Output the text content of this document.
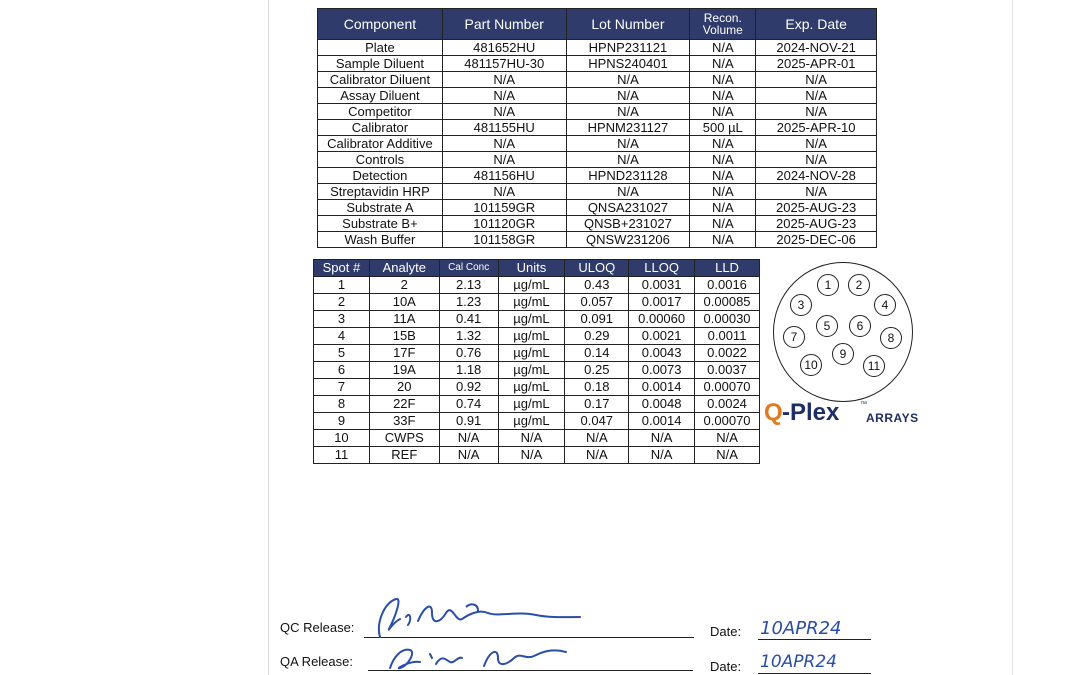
Component	Part Number	Lot Number	Recon. Volume	Exp. Date
Plate	481652HU	HPNP231121	N/A	2024-NOV-21
Sample Diluent	481157HU-30	HPNS240401	N/A	2025-APR-01
Calibrator Diluent	N/A	N/A	N/A	N/A
Assay Diluent	N/A	N/A	N/A	N/A
Competitor	N/A	N/A	N/A	N/A
Calibrator	481155HU	HPNM231127	500 µL	2025-APR-10
Calibrator Additive	N/A	N/A	N/A	N/A
Controls	N/A	N/A	N/A	N/A
Detection	481156HU	HPND231128	N/A	2024-NOV-28
Streptavidin HRP	N/A	N/A	N/A	N/A
Substrate A	101159GR	QNSA231027	N/A	2025-AUG-23
Substrate B+	101120GR	QNSB+231027	N/A	2025-AUG-23
Wash Buffer	101158GR	QNSW231206	N/A	2025-DEC-06
Spot #	Analyte	Cal Conc	Units	ULOQ	LLOQ	LLD
1	2	2.13	µg/mL	0.43	0.0031	0.0016
2	10A	1.23	µg/mL	0.057	0.0017	0.00085
3	11A	0.41	µg/mL	0.091	0.00060	0.00030
4	15B	1.32	µg/mL	0.29	0.0021	0.0011
5	17F	0.76	µg/mL	0.14	0.0043	0.0022
6	19A	1.18	µg/mL	0.25	0.0073	0.0037
7	20	0.92	µg/mL	0.18	0.0014	0.00070
8	22F	0.74	µg/mL	0.17	0.0048	0.0024
9	33F	0.91	µg/mL	0.047	0.0014	0.00070
10	CWPS	N/A	N/A	N/A	N/A	N/A
11	REF	N/A	N/A	N/A	N/A	N/A
1	2
3	4
5	6
7	8
9
10	11
Q -Plex	™
ARRAYS
QC Release:	Date: 10APR24
QA Release:	Date: 10APR24
